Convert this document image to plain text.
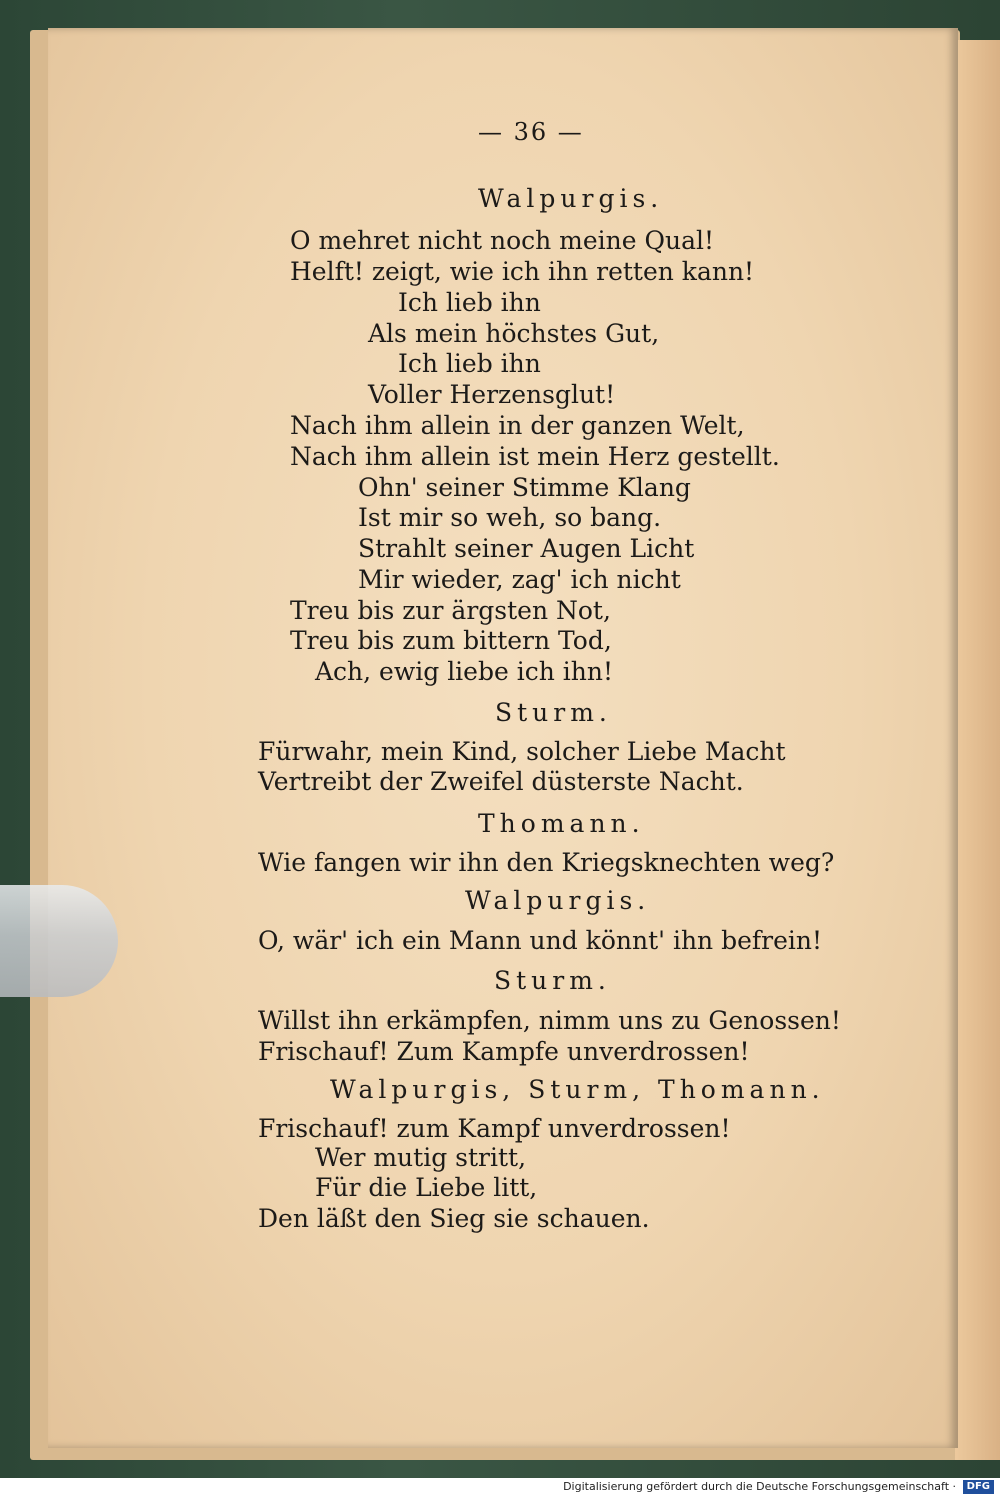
— 36 —
Walpurgis.
O mehret nicht noch meine Qual!
Helft! zeigt, wie ich ihn retten kann!
Ich lieb ihn
Als mein höchstes Gut,
Ich lieb ihn
Voller Herzensglut!
Nach ihm allein in der ganzen Welt,
Nach ihm allein ist mein Herz gestellt.
Ohn' seiner Stimme Klang
Ist mir so weh, so bang.
Strahlt seiner Augen Licht
Mir wieder, zag' ich nicht
Treu bis zur ärgsten Not,
Treu bis zum bittern Tod,
Ach, ewig liebe ich ihn!
Sturm.
Fürwahr, mein Kind, solcher Liebe Macht
Vertreibt der Zweifel düsterste Nacht.
Thomann.
Wie fangen wir ihn den Kriegsknechten weg?
Walpurgis.
O, wär' ich ein Mann und könnt' ihn befrein!
Sturm.
Willst ihn erkämpfen, nimm uns zu Genossen!
Frischauf! Zum Kampfe unverdrossen!
Walpurgis, Sturm, Thomann.
Frischauf! zum Kampf unverdrossen!
Wer mutig stritt,
Für die Liebe litt,
Den läßt den Sieg sie schauen.
Digitalisierung gefördert durch die Deutsche Forschungsgemeinschaft ·	DFG
